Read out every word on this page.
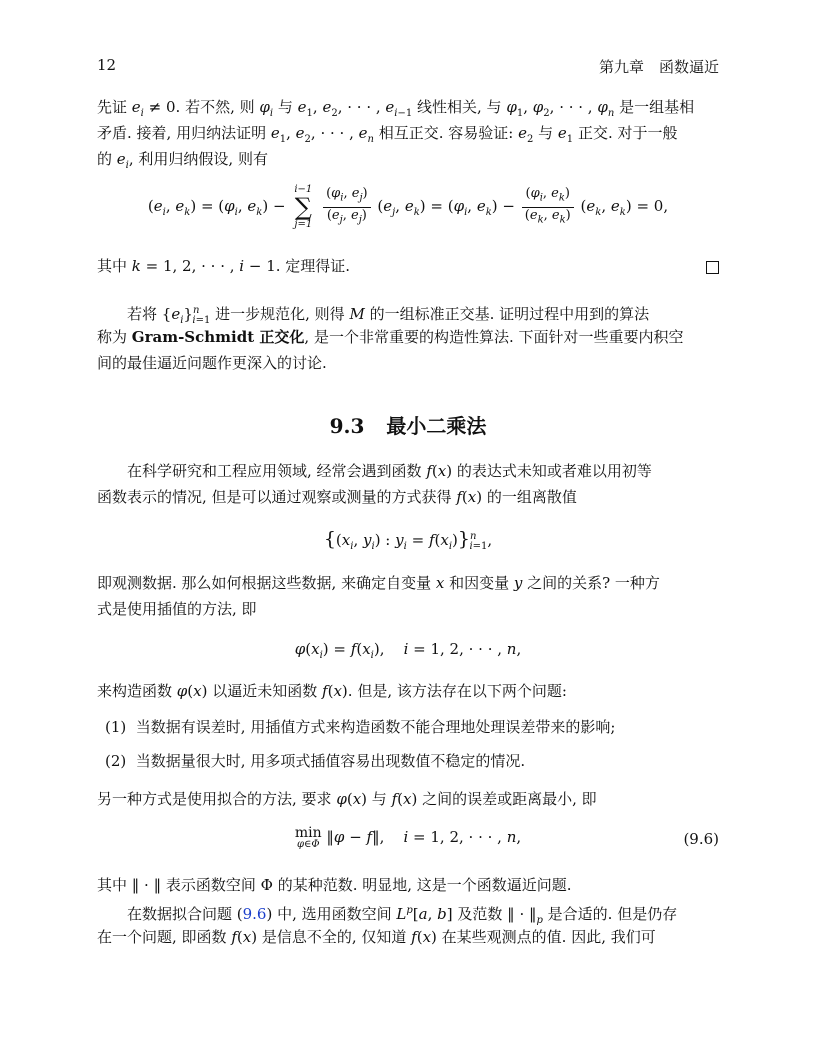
12	第九章　函数逼近
先证 $e_i \ne 0$. 若不然, 则 $\varphi_i$ 与 $e_1$, $e_2$, · · · , $e_{i-1}$ 线性相关, 与 $\varphi_1$, $\varphi_2$, · · · , $\varphi_n$ 是一组基相
矛盾. 接着, 用归纳法证明 $e_1$, $e_2$, · · · , $e_n$ 相互正交. 容易验证: $e_2$ 与 $e_1$ 正交. 对于一般
的 $e_i$, 利用归纳假设, 则有
($e_i$, $e_k) = (\varphi_i$, $e_k$) −
i−1
∑
j=1
$\frac{(\varphi_i, e_j)}{(e_j, e_j)} (e_j$, $e_k) = (\varphi_i$, $e_k) - \frac{(\varphi_i, e_k)}{(e_k, e_k)} (e_k$, $e_k) = 0$,
其中 k = 1, 2, · · · , i − 1. 定理得证.
若将 $\{e_i\}^n_{i=1}$ 进一步规范化, 则得 M 的一组标准正交基. 证明过程中用到的算法
称为 Gram-Schmidt 正交化, 是一个非常重要的构造性算法. 下面针对一些重要内积空
间的最佳逼近问题作更深入的讨论.
9.3 最小二乘法
在科学研究和工程应用领域, 经常会遇到函数 f(x) 的表达式未知或者难以用初等
函数表示的情况, 但是可以通过观察或测量的方式获得 f(x) 的一组离散值
{($x_i$, $y_i$) : $y_i = f(x_i)\}^n_{i=1}$,
即观测数据. 那么如何根据这些数据, 来确定自变量 x 和因变量 y 之间的关系? 一种方
式是使用插值的方法, 即
$\varphi(x_i) = f(x_i)$,    i = 1, 2, · · · , n,
来构造函数 φ(x) 以逼近未知函数 f(x). 但是, 该方法存在以下两个问题:
(1) 当数据有误差时, 用插值方式来构造函数不能合理地处理误差带来的影响;
(2) 当数据量很大时, 用多项式插值容易出现数值不稳定的情况.
另一种方式是使用拟合的方法, 要求 φ(x) 与 f(x) 之间的误差或距离最小, 即
min
φ∈Φ ‖φ − f‖,    i = 1, 2, · · · , n,	(9.6)
其中 ‖ · ‖ 表示函数空间 Φ 的某种范数. 明显地, 这是一个函数逼近问题.
在数据拟合问题 (9.6) 中, 选用函数空间 $L^p[a$, b] 及范数 ‖ · $‖_p$ 是合适的. 但是仍存
在一个问题, 即函数 f(x) 是信息不全的, 仅知道 f(x) 在某些观测点的值. 因此, 我们可
